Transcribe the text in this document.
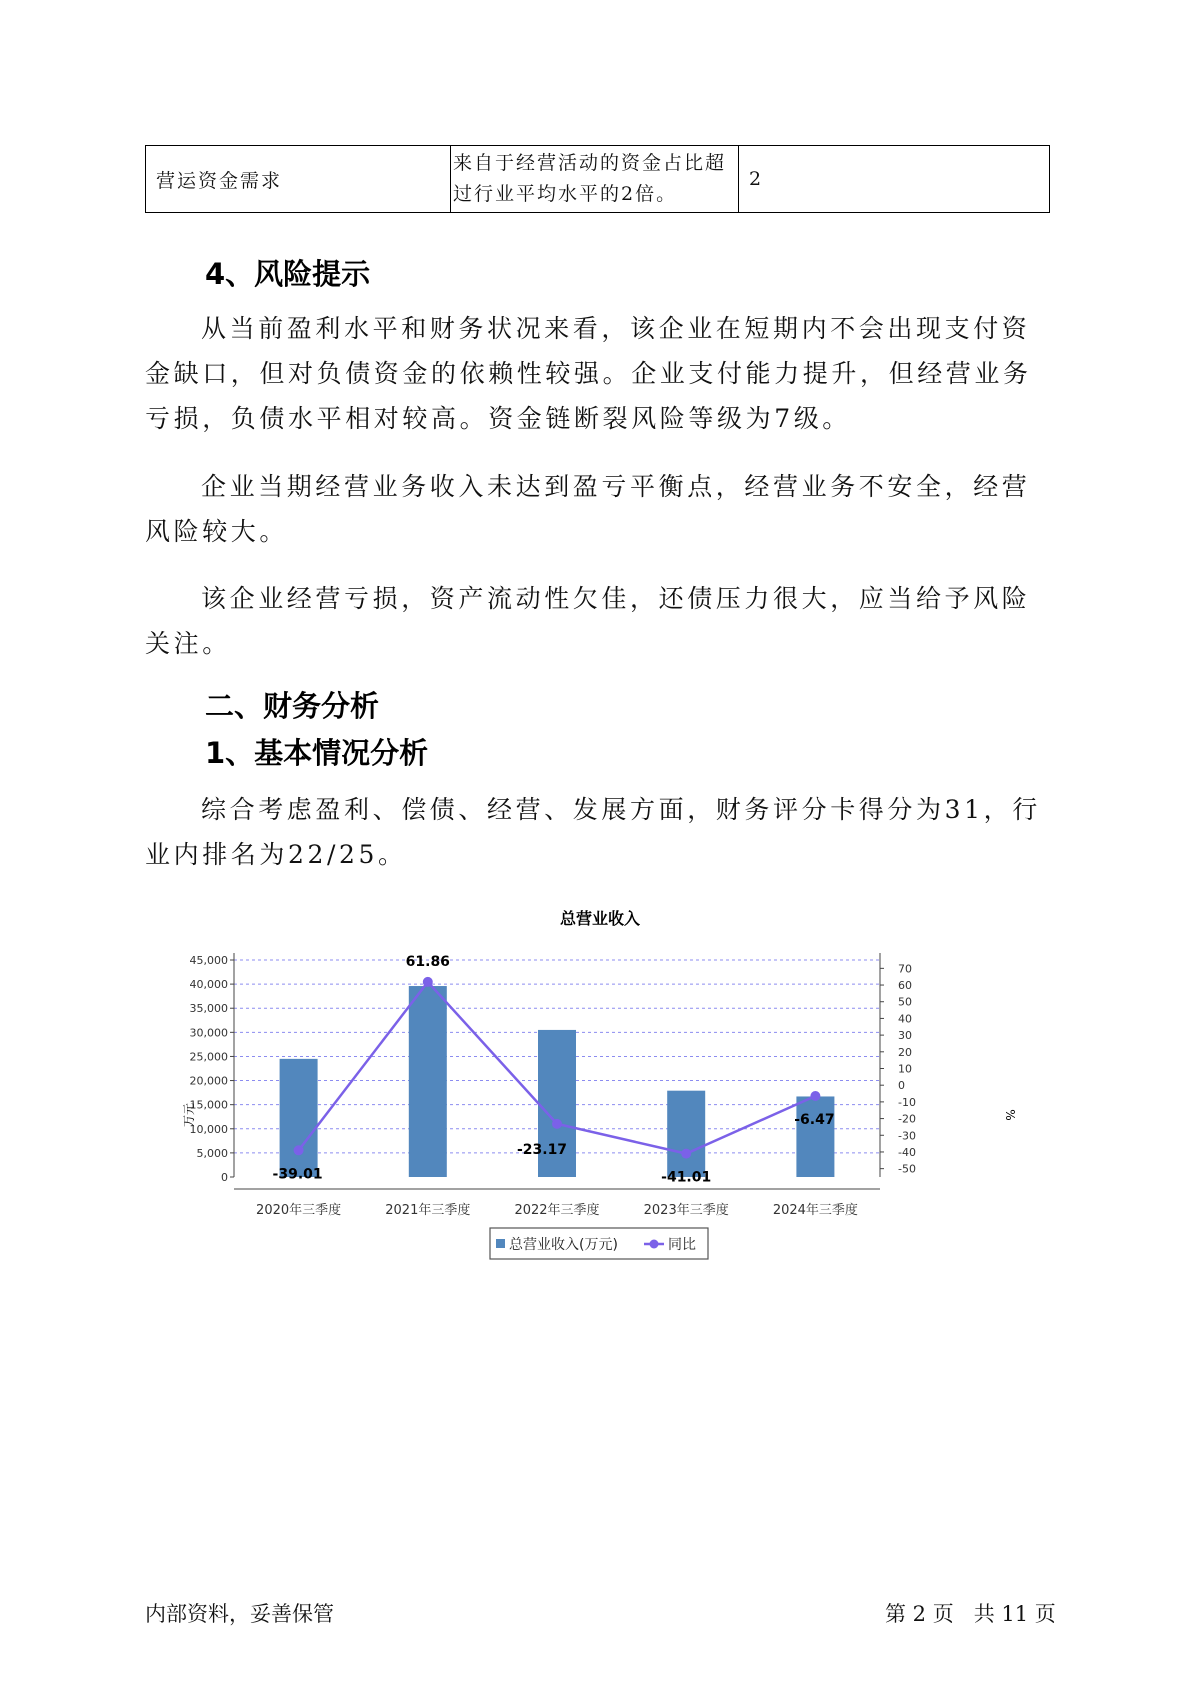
营运资金需求	来自于经营活动的资金占比超过行业平均水平的2倍。	2
4、风险提示

从当前盈利水平和财务状况来看，该企业在短期内不会出现支付资金缺口，但对负债资金的依赖性较强。企业支付能力提升，但经营业务亏损，负债水平相对较高。资金链断裂风险等级为7级。

企业当期经营业务收入未达到盈亏平衡点，经营业务不安全，经营风险较大。

该企业经营亏损，资产流动性欠佳，还债压力很大，应当给予风险关注。

二、财务分析
1、基本情况分析

综合考虑盈利、偿债、经营、发展方面，财务评分卡得分为31，行业内排名为22/25。

总营业收入
-39.01
61.86
-23.17
-41.01
-6.47
0
5,000
10,000
15,000
20,000
25,000
30,000
35,000
40,000
45,000
-50
-40
-30
-20
-10
0
10
20
30
40
50
60
70
2020年三季度	2021年三季度	2022年三季度	2023年三季度	2024年三季度
万元	%
总营业收入(万元)	同比
内部资料，妥善保管	第 2 页   共 11 页
